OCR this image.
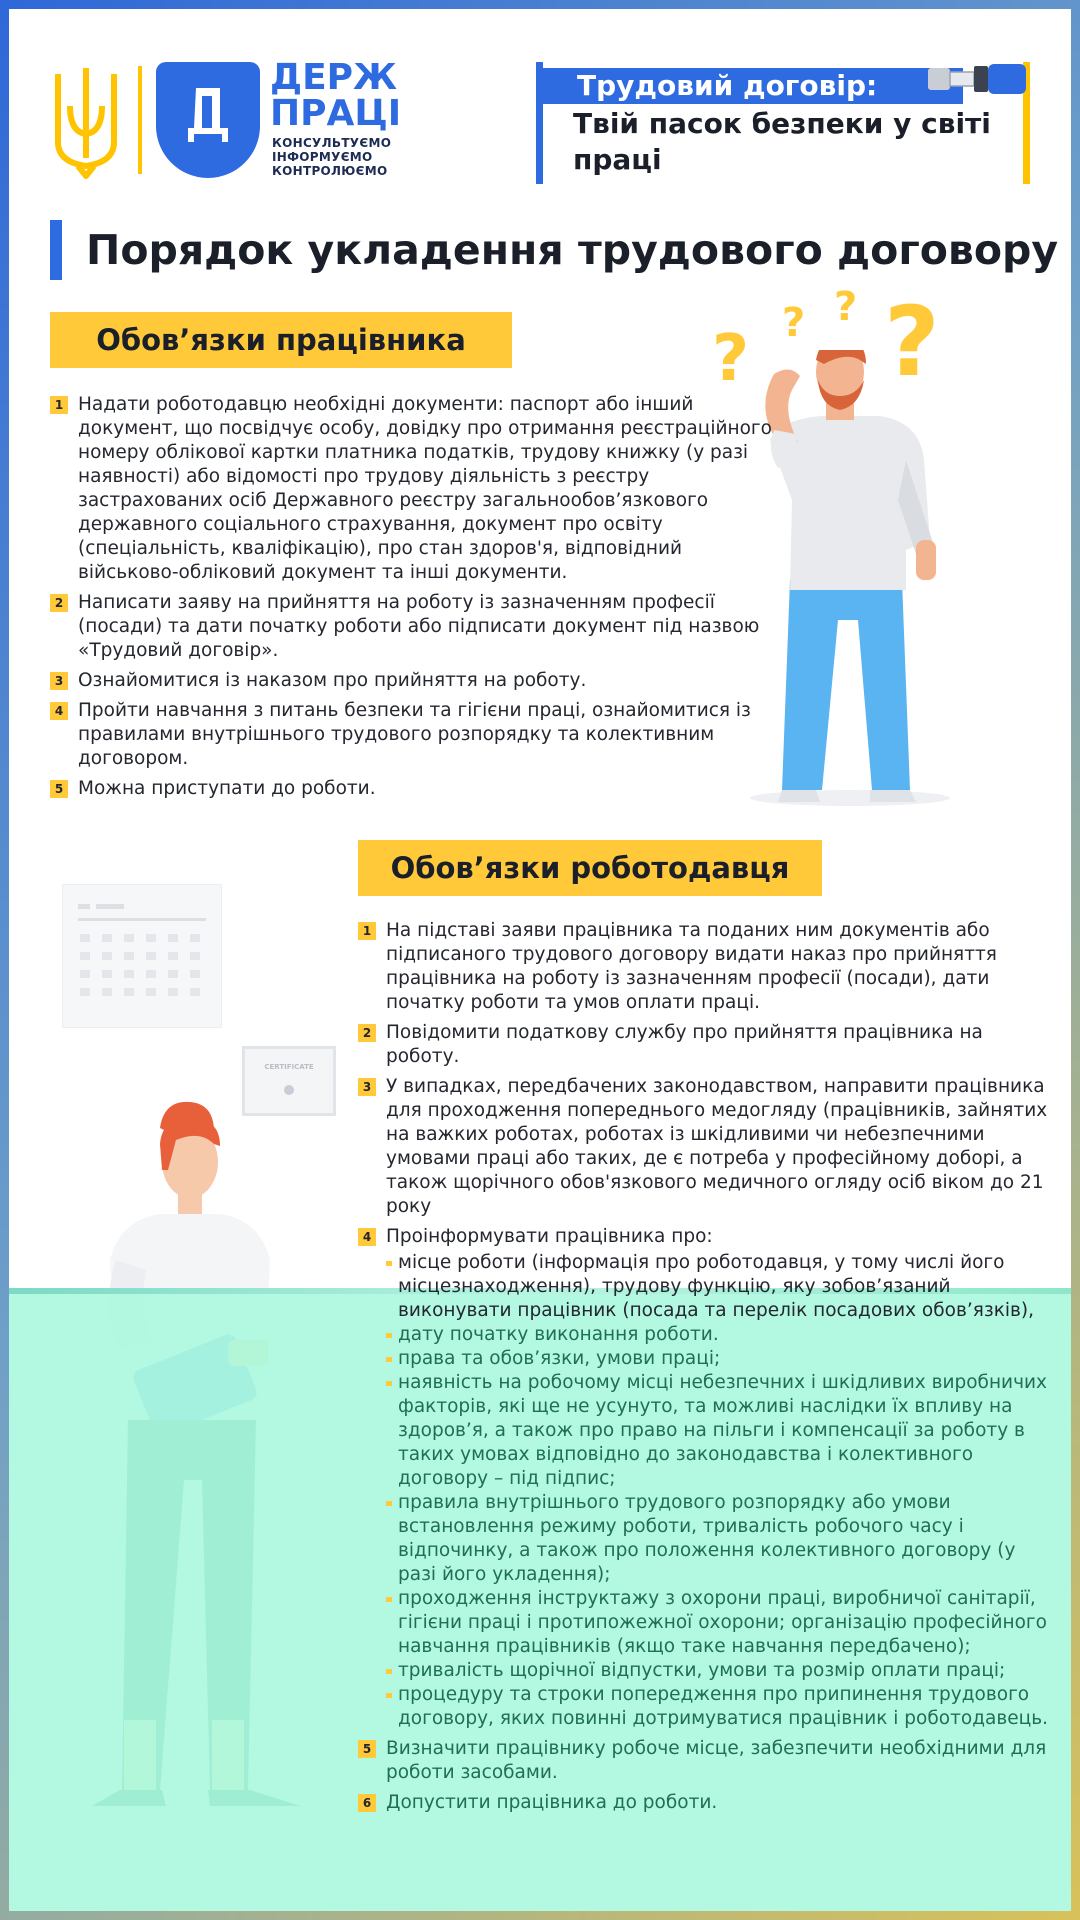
ДЕРЖ
ПРАЦІ
КОНСУЛЬТУЄМО
ІНФОРМУЄМО
КОНТРОЛЮЄМО
Трудовий договір:
Твій пасок безпеки у світі праці
Порядок укладення трудового договору
Обов’язки працівника
1 Надати роботодавцю необхідні документи: паспорт або інший документ, що посвідчує особу, довідку про отримання реєстраційного номеру облікової картки платника податків, трудову книжку (у разі наявності) або відомості про трудову діяльність з реєстру застрахованих осіб Державного реєстру загальнообов’язкового державного соціального страхування, документ про освіту (спеціальність, кваліфікацію), про стан здоров'я, відповідний військово-обліковий документ та інші документи.
2 Написати заяву на прийняття на роботу із зазначенням професії (посади) та дати початку роботи або підписати документ під назвою «Трудовий договір».
3 Ознайомитися із наказом про прийняття на роботу.
4 Пройти навчання з питань безпеки та гігієни праці, ознайомитися із правилами внутрішнього трудового розпорядку та колективним договором.
5 Можна приступати до роботи.
? ? ? ?
Обов’язки роботодавця
CERTIFICATE
1 На підставі заяви працівника та поданих ним документів або підписаного трудового договору видати наказ про прийняття працівника на роботу із зазначенням професії (посади), дати початку роботи та умов оплати праці.
2 Повідомити податкову службу про прийняття працівника на роботу.
3 У випадках, передбачених законодавством, направити працівника для проходження попереднього медогляду (працівників, зайнятих на важких роботах, роботах із шкідливими чи небезпечними умовами праці або таких, де є потреба у професійному доборі, а також щорічного обов'язкового медичного огляду осіб віком до 21 року
4 Проінформувати працівника про:
місце роботи (інформація про роботодавця, у тому числі його місцезнаходження), трудову функцію, яку зобов’язаний виконувати працівник (посада та перелік посадових обов’язків),
дату початку виконання роботи.
права та обов’язки, умови праці;
наявність на робочому місці небезпечних і шкідливих виробничих факторів, які ще не усунуто, та можливі наслідки їх впливу на здоров’я, а також про право на пільги і компенсації за роботу в таких умовах відповідно до законодавства і колективного договору – під підпис;
правила внутрішнього трудового розпорядку або умови встановлення режиму роботи, тривалість робочого часу і відпочинку, а також про положення колективного договору (у разі його укладення);
проходження інструктажу з охорони праці, виробничої санітарії, гігієни праці і протипожежної охорони; організацію професійного навчання працівників (якщо таке навчання передбачено);
тривалість щорічної відпустки, умови та розмір оплати праці;
процедуру та строки попередження про припинення трудового договору, яких повинні дотримуватися працівник і роботодавець.
5 Визначити працівнику робоче місце, забезпечити необхідними для роботи засобами.
6 Допустити працівника до роботи.
